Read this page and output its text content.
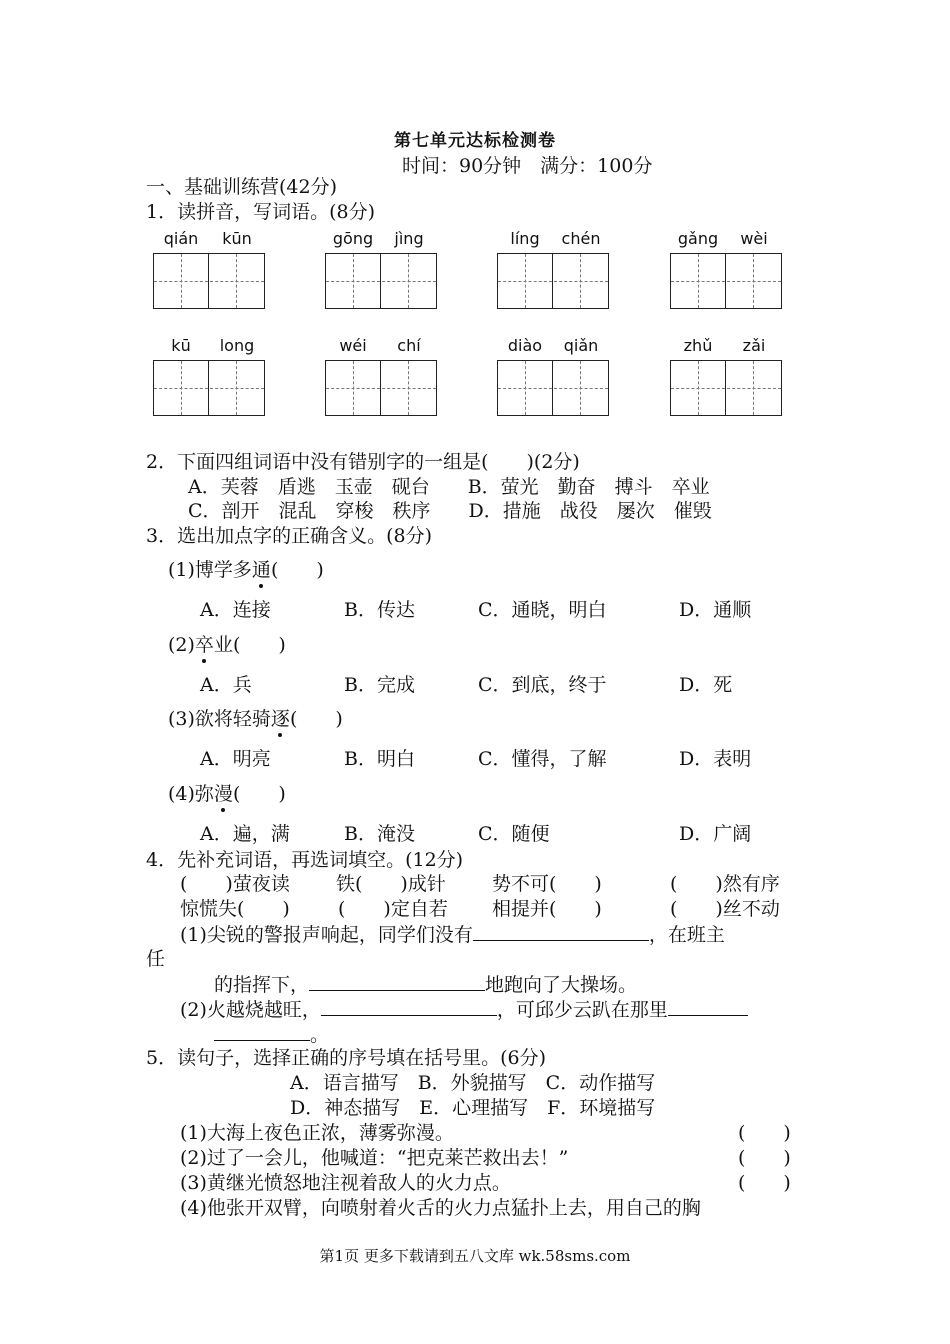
第七单元达标检测卷
时间：90分钟　满分：100分
一、基础训练营(42分)
1．读拼音，写词语。(8分)
qián	kūn	gōng	jìng	líng	chén	gǎng	wèi
kū	long	wéi	chí	diào	qiǎn	zhǔ	zǎi
2．下面四组词语中没有错别字的一组是(　　)(2分)
A．芙蓉　盾逃　玉壶　砚台　　B．萤光　勤奋　搏斗　卒业
C．剖开　混乱　穿梭　秩序　　D．措施　战役　屡次　催毁
3．选出加点字的正确含义。(8分)
(1)博学多通(　　)
A．连接	B．传达	C．通晓，明白	D．通顺
(2)卒业(　　)
A．兵	B．完成	C．到底，终于	D．死
(3)欲将轻骑逐(　　)
A．明亮	B．明白	C．懂得，了解	D．表明
(4)弥漫(　　)
A．遍，满	B．淹没	C．随便	D．广阔
4．先补充词语，再选词填空。(12分)
(　　)萤夜读 铁(　　)成针 势不可(　　)	(　　)然有序
惊慌失(　　)	(　　)定自若 相提并(　　)	(　　)丝不动
(1)尖锐的警报声响起，同学们没有	，在班主
任
的指挥下，	地跑向了大操场。
(2)火越烧越旺，	，可邱少云趴在那里
。
5．读句子，选择正确的序号填在括号里。(6分)
A．语言描写　B．外貌描写　C．动作描写
D．神态描写　E．心理描写　F．环境描写
(1)大海上夜色正浓，薄雾弥漫。	(　　)
(2)过了一会儿，他喊道：“把克莱芒救出去！”	(　　)
(3)黄继光愤怒地注视着敌人的火力点。	(　　)
(4)他张开双臂，向喷射着火舌的火力点猛扑上去，用自己的胸
第1页 更多下载请到五八文库 wk.58sms.com
